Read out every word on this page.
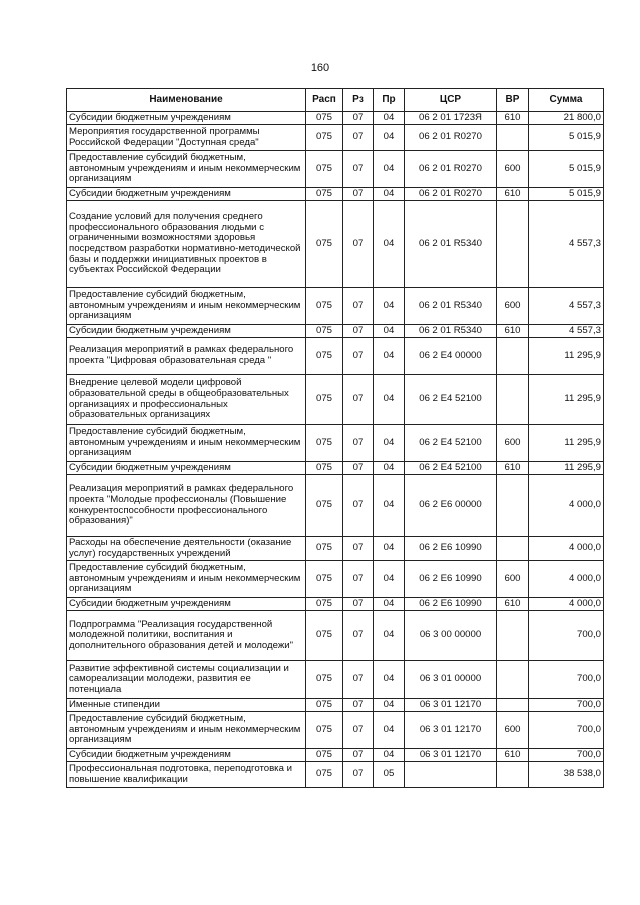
160
Наименование	Расп	Рз	Пр	ЦСР	ВР	Сумма
Субсидии бюджетным учреждениям	075	07	04	06 2 01 1723Я	610	21 800,0
Мероприятия государственной программы Российской Федерации "Доступная среда"	075	07	04	06 2 01 R0270		5 015,9
Предоставление субсидий бюджетным, автономным учреждениям и иным некоммерческим организациям	075	07	04	06 2 01 R0270	600	5 015,9
Субсидии бюджетным учреждениям	075	07	04	06 2 01 R0270	610	5 015,9
Создание условий для получения среднего профессионального образования людьми с ограниченными возможностями здоровья посредством разработки нормативно-методической базы и поддержки инициативных проектов в субъектах Российской Федерации	075	07	04	06 2 01 R5340		4 557,3
Предоставление субсидий бюджетным, автономным учреждениям и иным некоммерческим организациям	075	07	04	06 2 01 R5340	600	4 557,3
Субсидии бюджетным учреждениям	075	07	04	06 2 01 R5340	610	4 557,3
Реализация мероприятий в рамках федерального проекта "Цифровая образовательная среда "	075	07	04	06 2 E4 00000		11 295,9
Внедрение целевой модели цифровой образовательной среды в общеобразовательных организациях и профессиональных образовательных организациях	075	07	04	06 2 E4 52100		11 295,9
Предоставление субсидий бюджетным, автономным учреждениям и иным некоммерческим организациям	075	07	04	06 2 E4 52100	600	11 295,9
Субсидии бюджетным учреждениям	075	07	04	06 2 E4 52100	610	11 295,9
Реализация мероприятий в рамках федерального проекта "Молодые профессионалы (Повышение конкурентоспособности профессионального образования)"	075	07	04	06 2 E6 00000		4 000,0
Расходы на обеспечение деятельности (оказание услуг) государственных учреждений	075	07	04	06 2 E6 10990		4 000,0
Предоставление субсидий бюджетным, автономным учреждениям и иным некоммерческим организациям	075	07	04	06 2 E6 10990	600	4 000,0
Субсидии бюджетным учреждениям	075	07	04	06 2 E6 10990	610	4 000,0
Подпрограмма "Реализация государственной молодежной политики, воспитания и дополнительного образования детей и молодежи"	075	07	04	06 3 00 00000		700,0
Развитие эффективной системы социализации и самореализации молодежи, развития ее потенциала	075	07	04	06 3 01 00000		700,0
Именные стипендии	075	07	04	06 3 01 12170		700,0
Предоставление субсидий бюджетным, автономным учреждениям и иным некоммерческим организациям	075	07	04	06 3 01 12170	600	700,0
Субсидии бюджетным учреждениям	075	07	04	06 3 01 12170	610	700,0
Профессиональная подготовка, переподготовка и повышение квалификации	075	07	05			38 538,0
